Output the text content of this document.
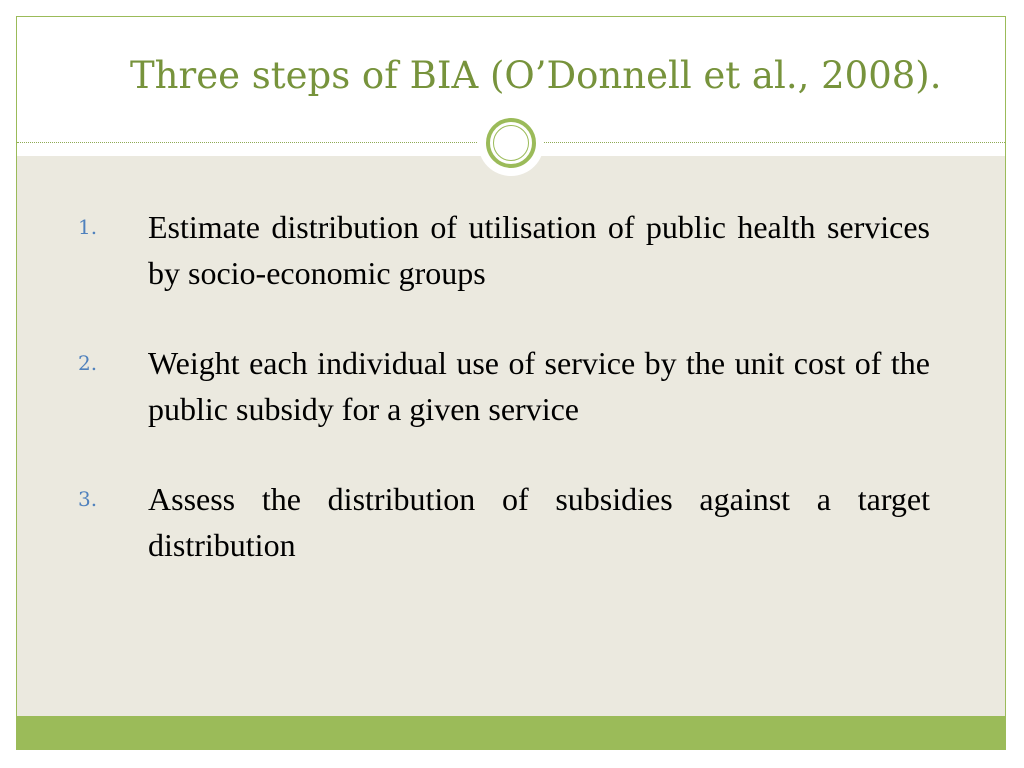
Three steps of BIA (O’Donnell et al., 2008).
1.	Estimate distribution of utilisation of public health services by socio-economic groups
2.	Weight each individual use of service by the unit cost of the public subsidy for a given service
3.	Assess the distribution of subsidies against a target distribution
